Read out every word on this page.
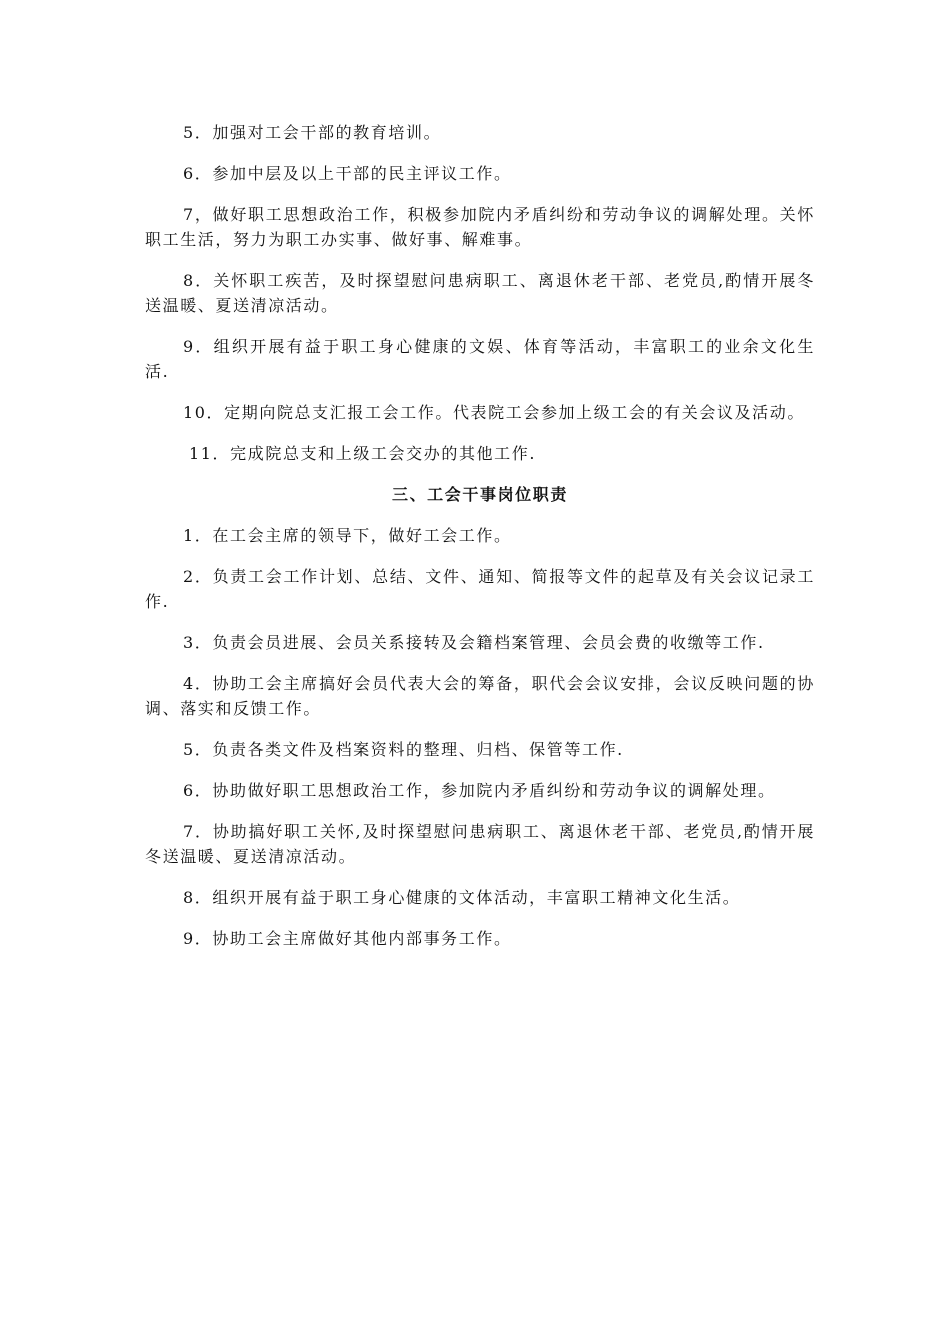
5．加强对工会干部的教育培训。

6．参加中层及以上干部的民主评议工作。

7，做好职工思想政治工作，积极参加院内矛盾纠纷和劳动争议的调解处理。关怀职工生活，努力为职工办实事、做好事、解难事。

8．关怀职工疾苦，及时探望慰问患病职工、离退休老干部、老党员,酌情开展冬送温暖、夏送清凉活动。

9．组织开展有益于职工身心健康的文娱、体育等活动，丰富职工的业余文化生活.

10．定期向院总支汇报工会工作。代表院工会参加上级工会的有关会议及活动。

11．完成院总支和上级工会交办的其他工作.

三、工会干事岗位职责

1．在工会主席的领导下，做好工会工作。

2．负责工会工作计划、总结、文件、通知、简报等文件的起草及有关会议记录工作.

3．负责会员进展、会员关系接转及会籍档案管理、会员会费的收缴等工作.

4．协助工会主席搞好会员代表大会的筹备，职代会会议安排，会议反映问题的协调、落实和反馈工作。

5．负责各类文件及档案资料的整理、归档、保管等工作.

6．协助做好职工思想政治工作，参加院内矛盾纠纷和劳动争议的调解处理。

7．协助搞好职工关怀,及时探望慰问患病职工、离退休老干部、老党员,酌情开展冬送温暖、夏送清凉活动。

8．组织开展有益于职工身心健康的文体活动，丰富职工精神文化生活。

9．协助工会主席做好其他内部事务工作。
